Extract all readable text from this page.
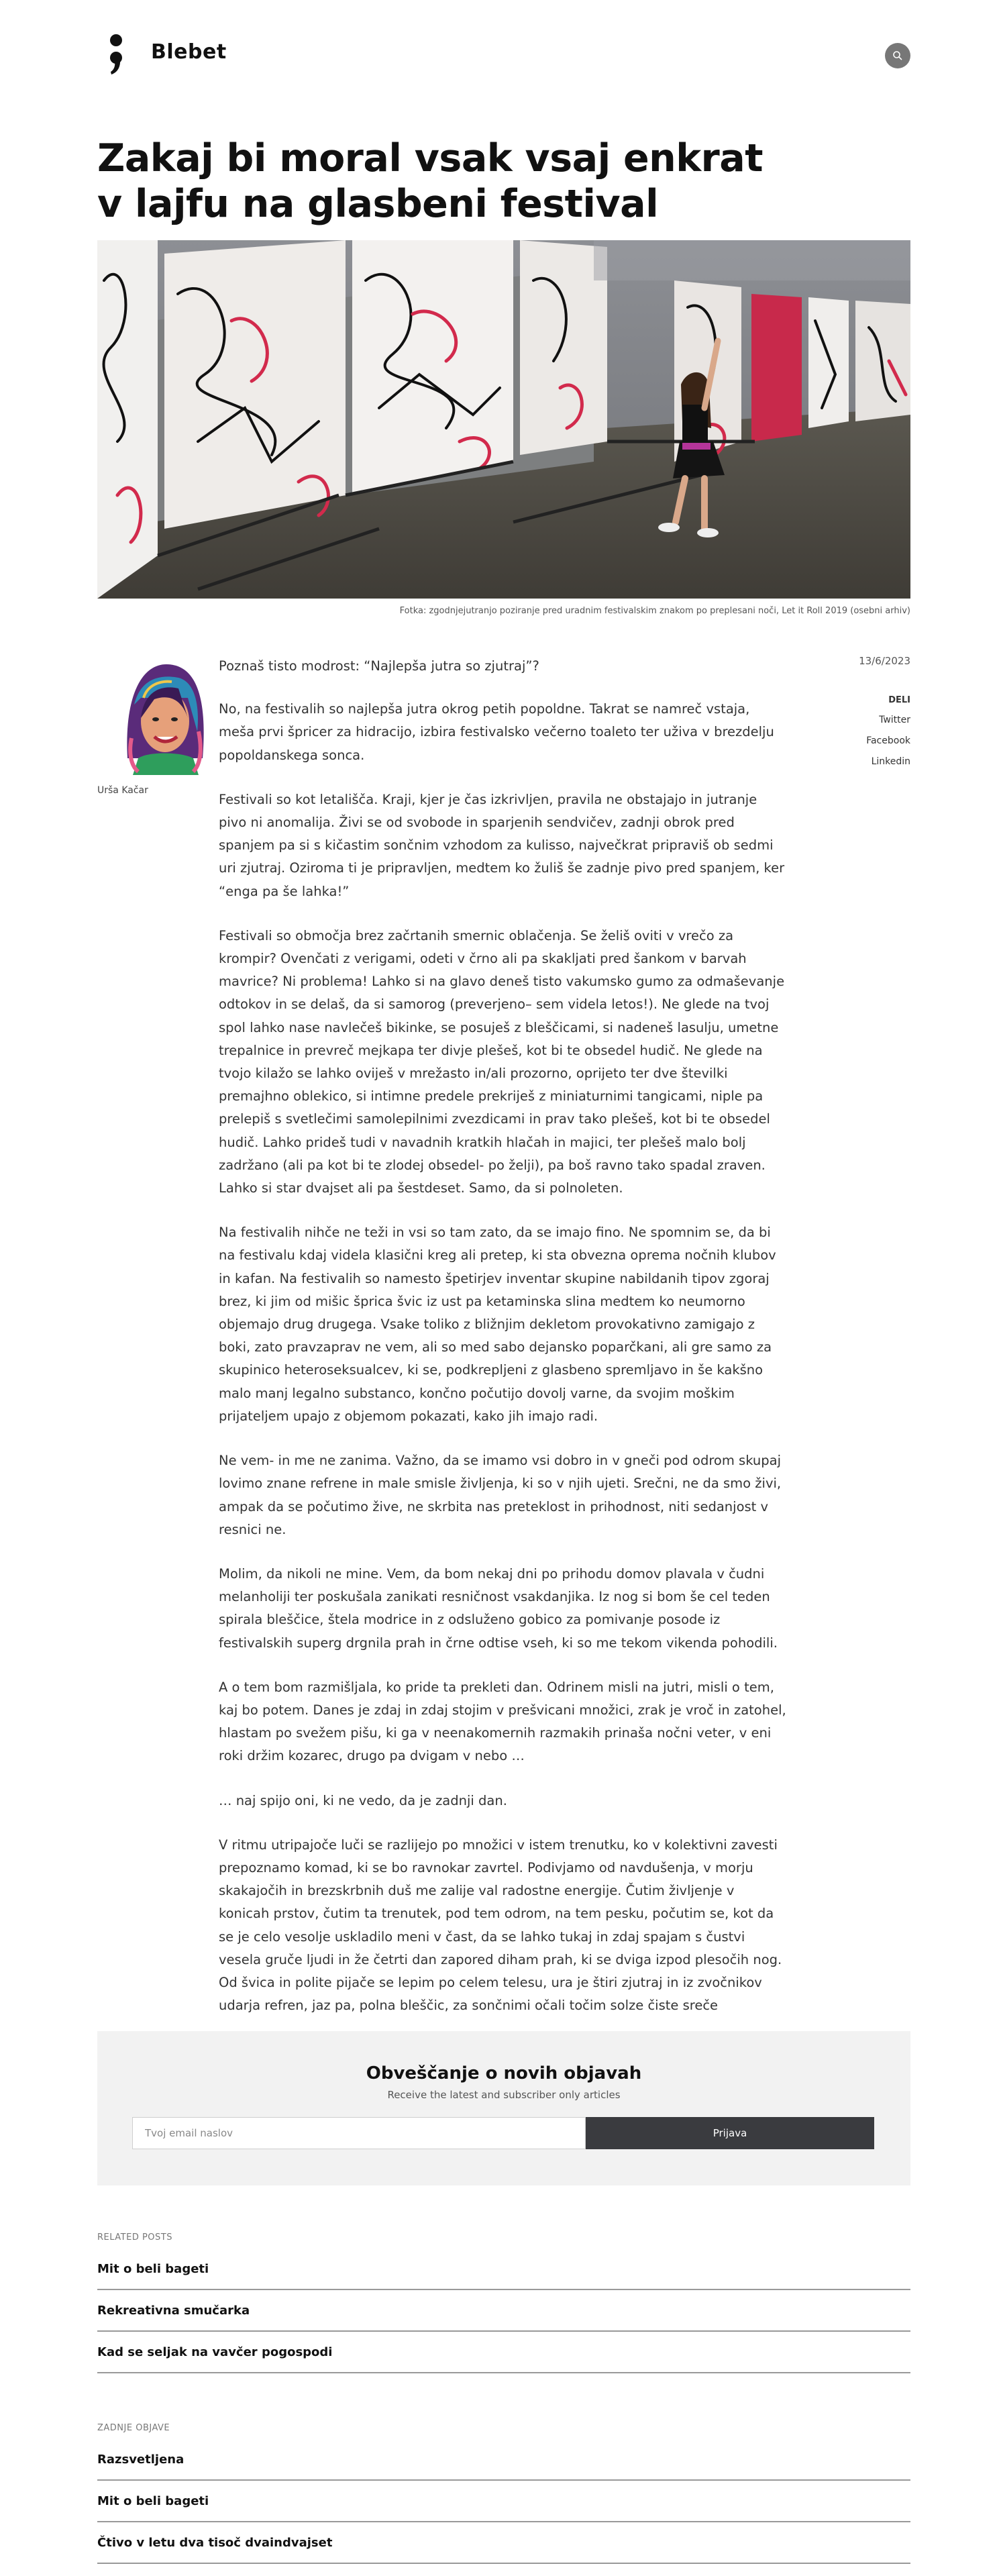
Blebet
Zakaj bi moral vsak vsaj enkrat v lajfu na glasbeni festival
Fotka: zgodnjejutranjo poziranje pred uradnim festivalskim znakom po preplesani noči, Let it Roll 2019 (osebni arhiv)
Urša Kačar
13/6/2023
DELI
Twitter
Facebook
Linkedin

Poznaš tisto modrost: “Najlepša jutra so zjutraj”?

No, na festivalih so najlepša jutra okrog petih popoldne. Takrat se namreč vstaja, meša prvi špricer za hidracijo, izbira festivalsko večerno toaleto ter uživa v brezdelju popoldanskega sonca.

Festivali so kot letališča. Kraji, kjer je čas izkrivljen, pravila ne obstajajo in jutranje pivo ni anomalija. Živi se od svobode in sparjenih sendvičev, zadnji obrok pred spanjem pa si s kičastim sončnim vzhodom za kulisso, največkrat pripraviš ob sedmi uri zjutraj. Oziroma ti je pripravljen, medtem ko žuliš še zadnje pivo pred spanjem, ker “enga pa še lahka!”

Festivali so območja brez začrtanih smernic oblačenja. Se želiš oviti v vrečo za krompir? Ovenčati z verigami, odeti v črno ali pa skakljati pred šankom v barvah mavrice? Ni problema! Lahko si na glavo deneš tisto vakumsko gumo za odmaševanje odtokov in se delaš, da si samorog (preverjeno– sem videla letos!). Ne glede na tvoj spol lahko nase navlečeš bikinke, se posuješ z bleščicami, si nadeneš lasulju, umetne trepalnice in prevreč mejkapa ter divje plešeš, kot bi te obsedel hudič. Ne glede na tvojo kilažo se lahko oviješ v mrežasto in/ali prozorno, oprijeto ter dve številki premajhno oblekico, si intimne predele prekriješ z miniaturnimi tangicami, niple pa prelepiš s svetlečimi samolepilnimi zvezdicami in prav tako plešeš, kot bi te obsedel hudič. Lahko prideš tudi v navadnih kratkih hlačah in majici, ter plešeš malo bolj zadržano (ali pa kot bi te zlodej obsedel- po želji), pa boš ravno tako spadal zraven. Lahko si star dvajset ali pa šestdeset. Samo, da si polnoleten.

Na festivalih nihče ne teži in vsi so tam zato, da se imajo fino. Ne spomnim se, da bi na festivalu kdaj videla klasični kreg ali pretep, ki sta obvezna oprema nočnih klubov in kafan. Na festivalih so namesto špetirjev inventar skupine nabildanih tipov zgoraj brez, ki jim od mišic šprica švic iz ust pa ketaminska slina medtem ko neumorno objemajo drug drugega. Vsake toliko z bližnjim dekletom provokativno zamigajo z boki, zato pravzaprav ne vem, ali so med sabo dejansko poparčkani, ali gre samo za skupinico heteroseksualcev, ki se, podkrepljeni z glasbeno spremljavo in še kakšno malo manj legalno substanco, končno počutijo dovolj varne, da svojim moškim prijateljem upajo z objemom pokazati, kako jih imajo radi.

Ne vem- in me ne zanima. Važno, da se imamo vsi dobro in v gneči pod odrom skupaj lovimo znane refrene in male smisle življenja, ki so v njih ujeti. Srečni, ne da smo živi, ampak da se počutimo žive, ne skrbita nas preteklost in prihodnost, niti sedanjost v resnici ne.

Molim, da nikoli ne mine. Vem, da bom nekaj dni po prihodu domov plavala v čudni melanholiji ter poskušala zanikati resničnost vsakdanjika. Iz nog si bom še cel teden spirala bleščice, štela modrice in z odsluženo gobico za pomivanje posode iz festivalskih superg drgnila prah in črne odtise vseh, ki so me tekom vikenda pohodili.

A o tem bom razmišljala, ko pride ta prekleti dan. Odrinem misli na jutri, misli o tem, kaj bo potem. Danes je zdaj in zdaj stojim v prešvicani množici, zrak je vroč in zatohel, hlastam po svežem pišu, ki ga v neenakomernih razmakih prinaša nočni veter, v eni roki držim kozarec, drugo pa dvigam v nebo …

… naj spijo oni, ki ne vedo, da je zadnji dan.

V ritmu utripajoče luči se razlijejo po množici v istem trenutku, ko v kolektivni zavesti prepoznamo komad, ki se bo ravnokar zavrtel. Podivjamo od navdušenja, v morju skakajočih in brezskrbnih duš me zalije val radostne energije. Čutim življenje v konicah prstov, čutim ta trenutek, pod tem odrom, na tem pesku, počutim se, kot da se je celo vesolje uskladilo meni v čast, da se lahko tukaj in zdaj spajam s čustvi vesela gruče ljudi in že četrti dan zapored diham prah, ki se dviga izpod plesočih nog. Od švica in polite pijače se lepim po celem telesu, ura je štiri zjutraj in iz zvočnikov udarja refren, jaz pa, polna bleščic, za sončnimi očali točim solze čiste sreče

Obveščanje o novih objavah
Receive the latest and subscriber only articles
Tvoj email naslov
Prijava
RELATED POSTS
Mit o beli bageti
Rekreativna smučarka
Kad se seljak na vavčer pogospodi
ZADNJE OBJAVE
Razsvetljena
Mit o beli bageti
Čtivo v letu dva tisoč dvaindvajset
